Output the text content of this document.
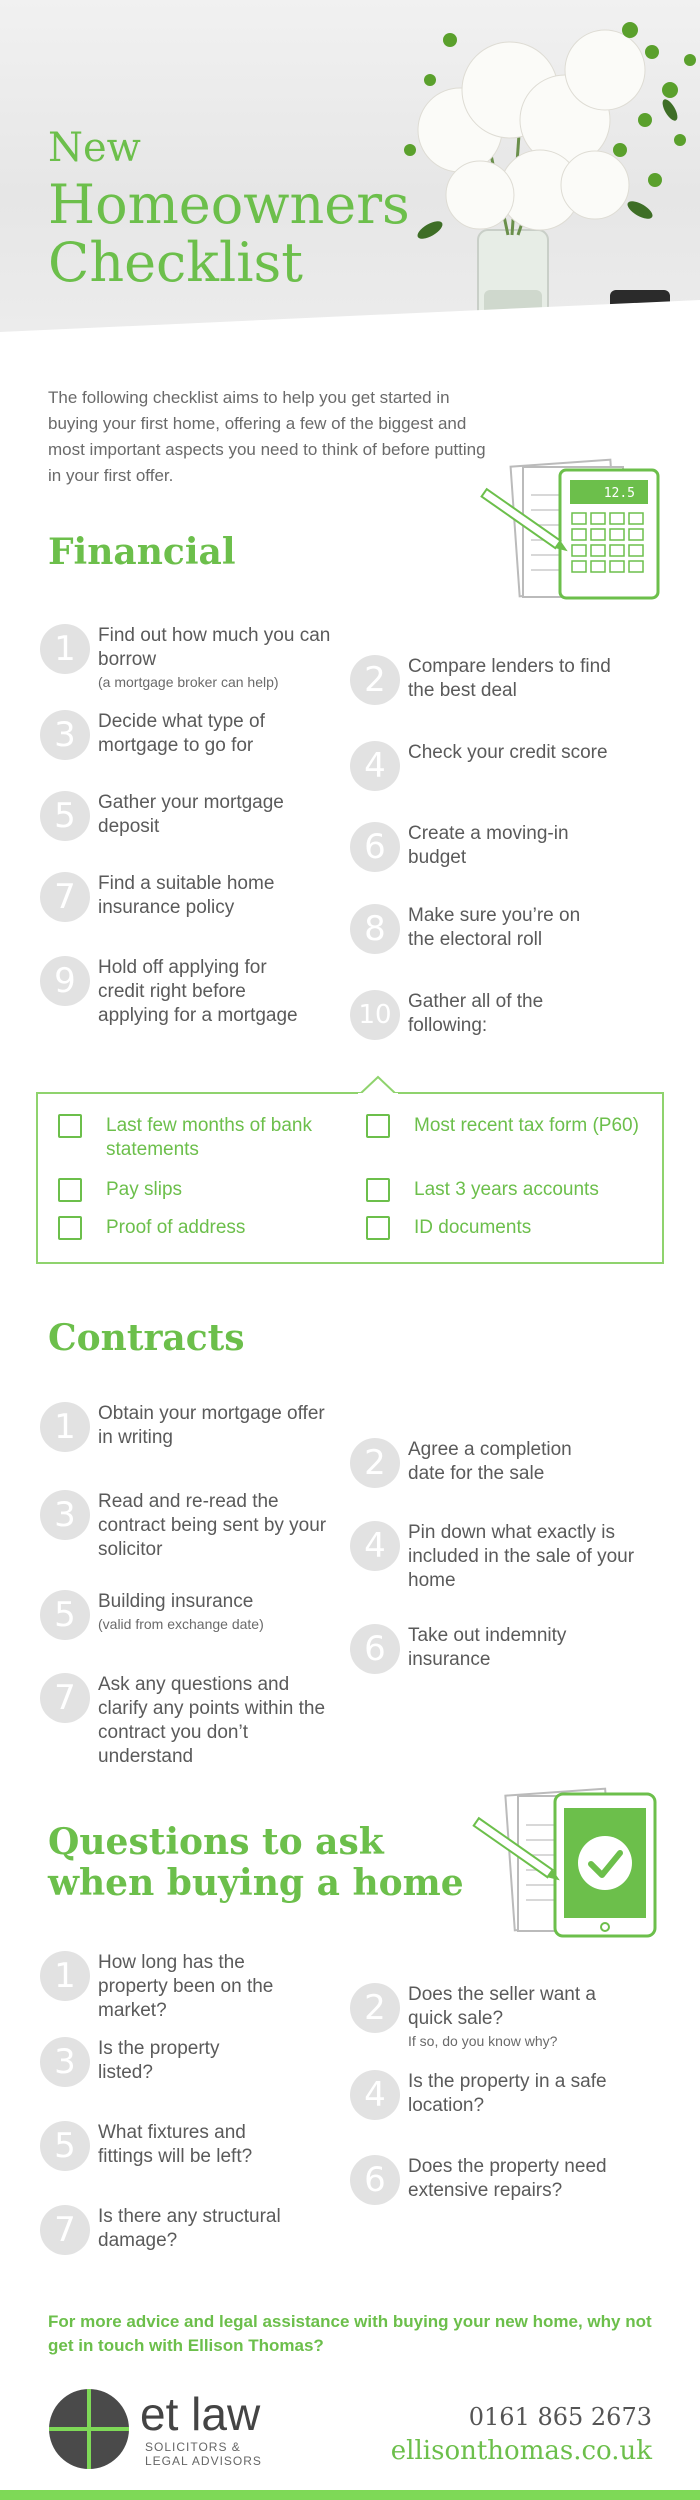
New
Homeowners
Checklist

The following checklist aims to help you get started in buying your first home, offering a few of the biggest and most important aspects you need to think of before putting in your first offer.

12.5
Financial
1	Find out how much you can borrow
(a mortgage broker can help)	2	Compare lenders to find the best deal
3	Decide what type of mortgage to go for
4	Check your credit score
5	Gather your mortgage deposit
6	Create a moving-in budget
7	Find a suitable home insurance policy
8	Make sure you’re on the electoral roll
9	Hold off applying for credit right before applying for a mortgage	10 Gather all of the following:
Last few months of bank statements
Most recent tax form (P60)
Pay slips	Last 3 years accounts
Proof of address	ID documents
Contracts
1	Obtain your mortgage offer in writing
2	Agree a completion date for the sale
3	Read and re-read the contract being sent by your solicitor	4	Pin down what exactly is included in the sale of your home
5	Building insurance
(valid from exchange date)
6	Take out indemnity insurance
7	Ask any questions and clarify any points within the contract you don’t understand
Questions to ask
when buying a home
1	How long has the property been on the market?	2	Does the seller want a quick sale?
If so, do you know why?
3	Is the property listed?
4	Is the property in a safe location?
5	What fixtures and fittings will be left?
6	Does the property need extensive repairs?
7	Is there any structural damage?

For more advice and legal assistance with buying your new home, why not get in touch with Ellison Thomas?

et law
SOLICITORS &
LEGAL ADVISORS
0161 865 2673
ellisonthomas.co.uk
